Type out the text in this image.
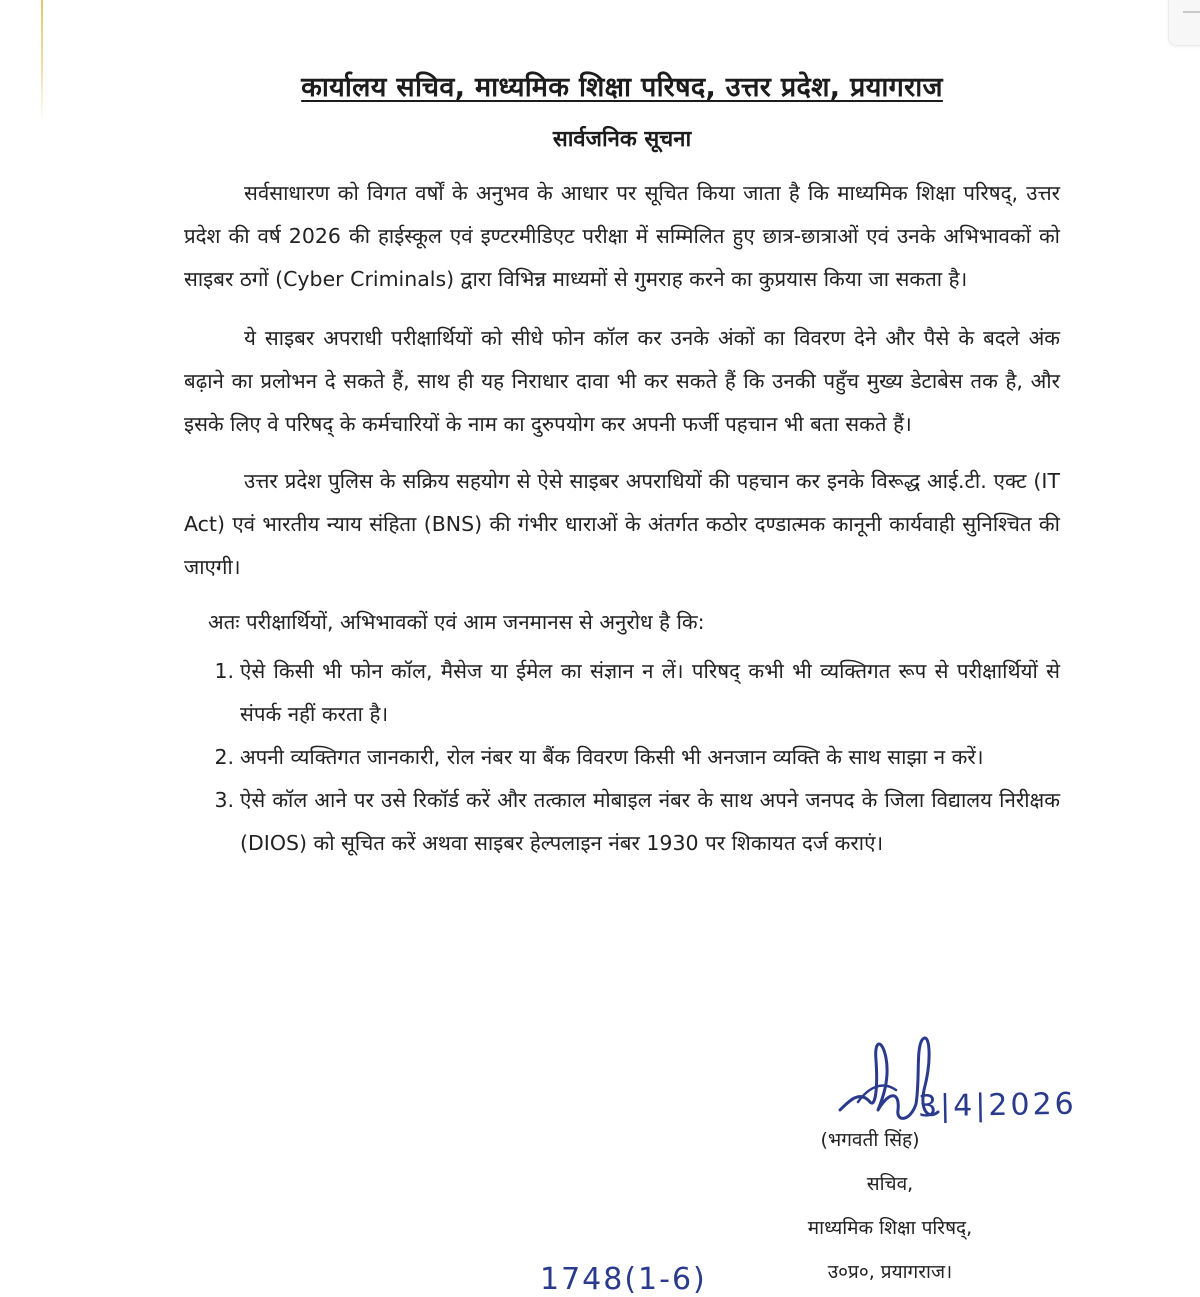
कार्यालय सचिव, माध्यमिक शिक्षा परिषद, उत्तर प्रदेश, प्रयागराज
सार्वजनिक सूचना

सर्वसाधारण को विगत वर्षों के अनुभव के आधार पर सूचित किया जाता है कि माध्यमिक शिक्षा परिषद्, उत्तर प्रदेश की वर्ष 2026 की हाईस्कूल एवं इण्टरमीडिएट परीक्षा में सम्मिलित हुए छात्र-छात्राओं एवं उनके अभिभावकों को साइबर ठगों (Cyber Criminals) द्वारा विभिन्न माध्यमों से गुमराह करने का कुप्रयास किया जा सकता है।

ये साइबर अपराधी परीक्षार्थियों को सीधे फोन कॉल कर उनके अंकों का विवरण देने और पैसे के बदले अंक बढ़ाने का प्रलोभन दे सकते हैं, साथ ही यह निराधार दावा भी कर सकते हैं कि उनकी पहुँच मुख्य डेटाबेस तक है, और इसके लिए वे परिषद् के कर्मचारियों के नाम का दुरुपयोग कर अपनी फर्जी पहचान भी बता सकते हैं।

उत्तर प्रदेश पुलिस के सक्रिय सहयोग से ऐसे साइबर अपराधियों की पहचान कर इनके विरूद्ध आई.टी. एक्ट (IT Act) एवं भारतीय न्याय संहिता (BNS) की गंभीर धाराओं के अंतर्गत कठोर दण्डात्मक कानूनी कार्यवाही सुनिश्चित की जाएगी।

अतः परीक्षार्थियों, अभिभावकों एवं आम जनमानस से अनुरोध है कि:
1. ऐसे किसी भी फोन कॉल, मैसेज या ईमेल का संज्ञान न लें। परिषद् कभी भी व्यक्तिगत रूप से परीक्षार्थियों से संपर्क नहीं करता है।
2. अपनी व्यक्तिगत जानकारी, रोल नंबर या बैंक विवरण किसी भी अनजान व्यक्ति के साथ साझा न करें।
3. ऐसे कॉल आने पर उसे रिकॉर्ड करें और तत्काल मोबाइल नंबर के साथ अपने जनपद के जिला विद्यालय निरीक्षक (DIOS) को सूचित करें अथवा साइबर हेल्पलाइन नंबर 1930 पर शिकायत दर्ज कराएं।
3|4|2026
(भगवती सिंह)
सचिव,
माध्यमिक शिक्षा परिषद्,
उ०प्र०, प्रयागराज।
1748(1-6)
